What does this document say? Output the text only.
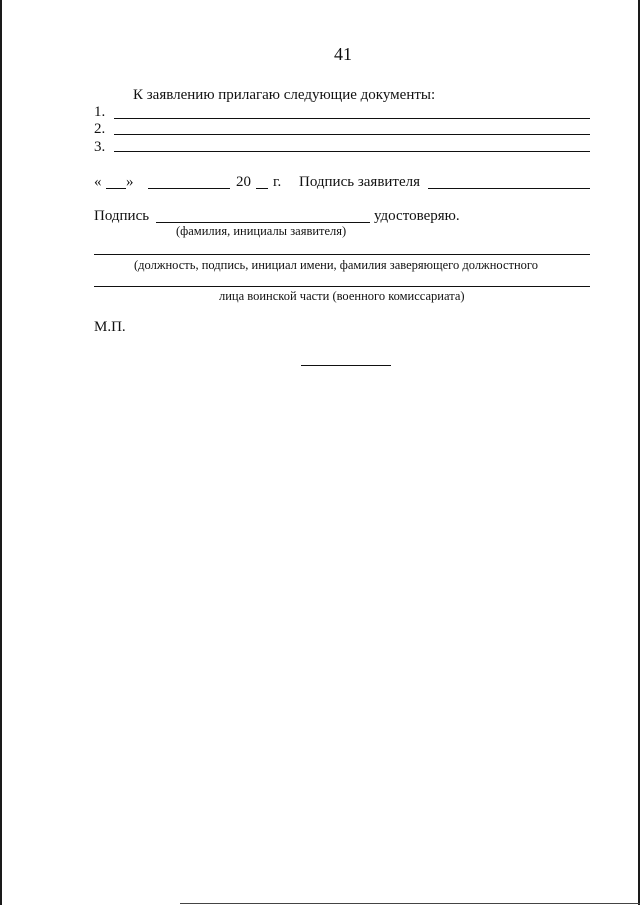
41
К заявлению прилагаю следующие документы:
1.
2.
3.
« »	20 г. Подпись заявителя
Подпись	удостоверяю.
(фамилия, инициалы заявителя)
(должность, подпись, инициал имени, фамилия заверяющего должностного
лица воинской части (военного комиссариата)
М.П.
